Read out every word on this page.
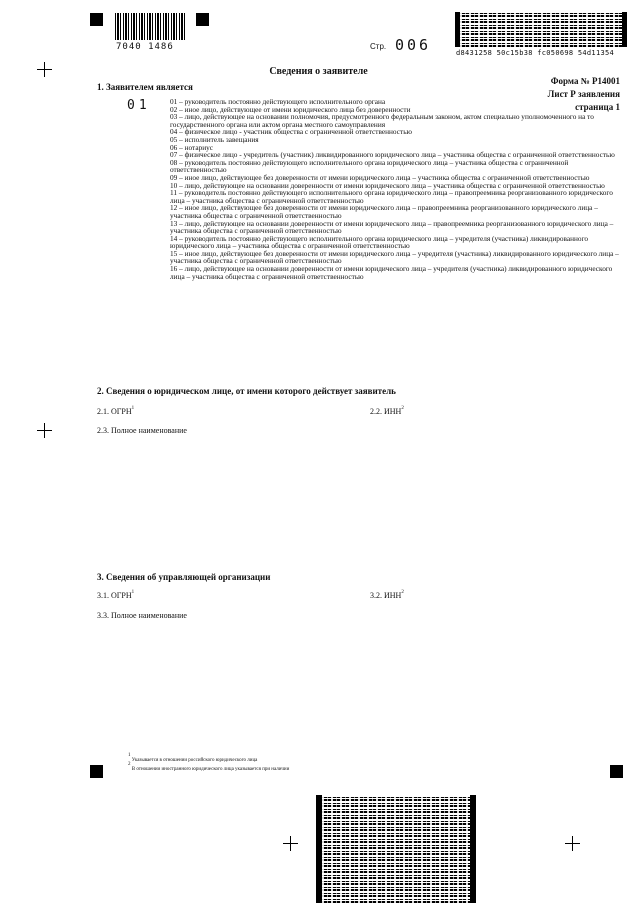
7040 1486	Стр. 006	d8431258 50c15b38 fc050698 54d11354
Сведения о заявителе
Форма № Р14001
Лист Р заявления
страница 1
1. Заявителем является
01	01 – руководитель постоянно действующего исполнительного органа
02 – иное лицо, действующее от имени юридического лица без доверенности
03 – лицо, действующее на основании полномочия, предусмотренного федеральным законом, актом специально уполномоченного на то государственного органа или актом органа местного самоуправления
04 – физическое лицо - участник общества с ограниченной ответственностью
05 – исполнитель завещания
06 – нотариус
07 – физическое лицо - учредитель (участник) ликвидированного юридического лица – участника общества с ограниченной ответственностью
08 – руководитель постоянно действующего исполнительного органа юридического лица – участника общества с ограниченной ответственностью
09 – иное лицо, действующее без доверенности от имени юридического лица – участника общества с ограниченной ответственностью
10 – лицо, действующее на основании доверенности от имени юридического лица – участника общества с ограниченной ответственностью
11 – руководитель постоянно действующего исполнительного органа юридического лица – правопреемника реорганизованного юридического лица – участника общества с ограниченной ответственностью
12 – иное лицо, действующее без доверенности от имени юридического лица – правопреемника реорганизованного юридического лица – участника общества с ограниченной ответственностью
13 – лицо, действующее на основании доверенности от имени юридического лица – правопреемника реорганизованного юридического лица – участника общества с ограниченной ответственностью
14 – руководитель постоянно действующего исполнительного органа юридического лица – учредителя (участника) ликвидированного юридического лица – участника общества с ограниченной ответственностью
15 – иное лицо, действующее без доверенности от имени юридического лица – учредителя (участника) ликвидированного юридического лица – участника общества с ограниченной ответственностью
16 – лицо, действующее на основании доверенности от имени юридического лица – учредителя (участника) ликвидированного юридического лица – участника общества с ограниченной ответственностью
2. Сведения о юридическом лице, от имени которого действует заявитель
2.1. ОГРН$^1$	2.2. ИНН$^2$
2.3. Полное наименование
3. Сведения об управляющей организации
3.1. ОГРН$^1$	3.2. ИНН$^2$
3.3. Полное наименование
1 Указывается в отношении российского юридического лица
2 В отношении иностранного юридического лица указывается при наличии
